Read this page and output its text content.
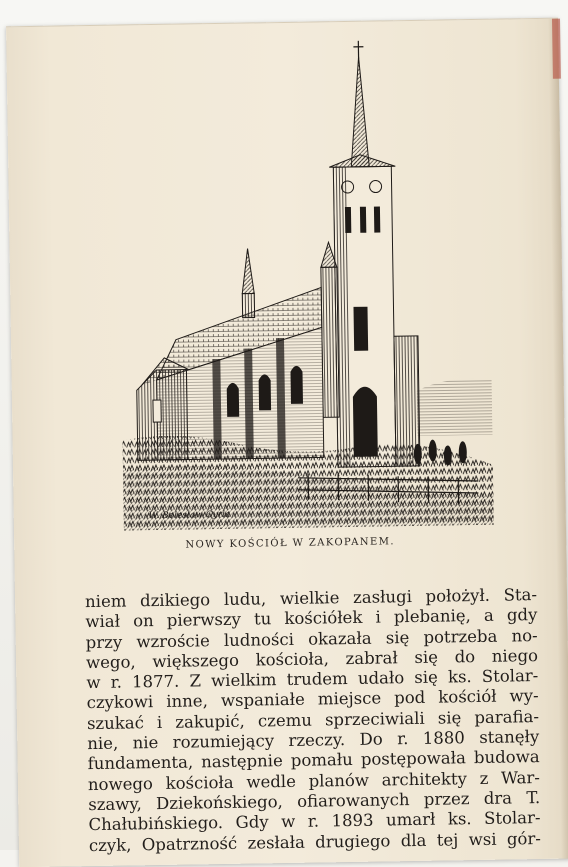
W. Bolesław Cyrla
NOWY KOŚCIÓŁ W ZAKOPANEM.
niem dzikiego ludu, wielkie zasługi położył. Sta-
wiał on pierwszy tu kościółek i plebanię, a gdy
przy wzroście ludności okazała się potrzeba no-
wego, większego kościoła, zabrał się do niego
w r. 1877. Z wielkim trudem udało się ks. Stolar-
czykowi inne, wspaniałe miejsce pod kościół wy-
szukać i zakupić, czemu sprzeciwiali się parafia-
nie, nie rozumiejący rzeczy. Do r. 1880 stanęły
fundamenta, następnie pomału postępowała budowa
nowego kościoła wedle planów architekty z War-
szawy, Dziekońskiego, ofiarowanych przez dra T.
Chałubińskiego. Gdy w r. 1893 umarł ks. Stolar-
czyk, Opatrzność zesłała drugiego dla tej wsi gór-
